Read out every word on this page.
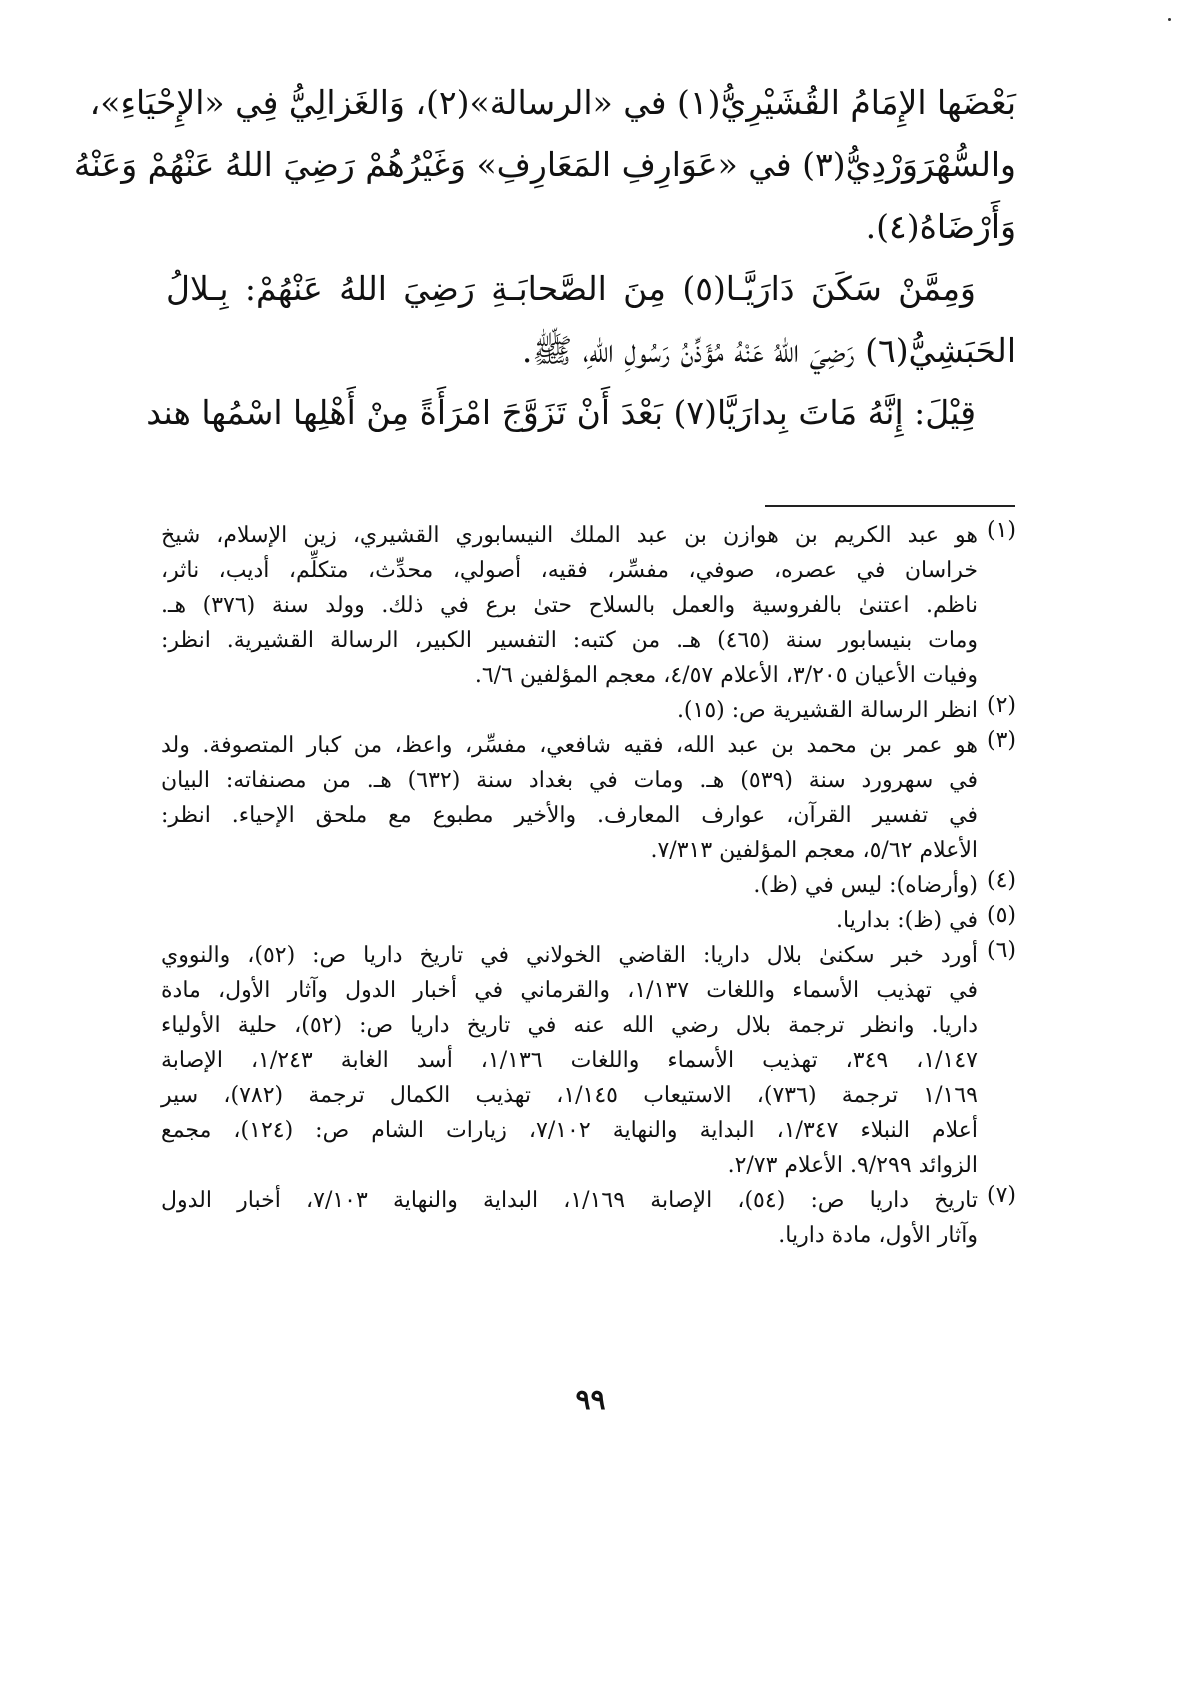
بَعْضَها الإِمَامُ القُشَيْرِيُّ(١) في «الرسالة»(٢)، وَالغَزالِيُّ فِي «الإِحْيَاءِ»،
والسُّهْرَوَرْدِيُّ(٣) في «عَوَارِفِ المَعَارِفِ» وَغَيْرُهُمْ رَضِيَ اللهُ عَنْهُمْ وَعَنْهُ
وَأَرْضَاهُ(٤).
وَمِمَّنْ سَكَنَ دَارَيَّـا(٥) مِنَ الصَّحابَـةِ رَضِيَ اللهُ عَنْهُمْ: بِـلالُ
الحَبَشِيُّ(٦) رَضِيَ اللهُ عَنْهُ مُؤَذِّنُ رَسُولِ اللهِ، ﷺ.
قِيْلَ: إِنَّهُ مَاتَ بِدارَيَّا(٧) بَعْدَ أَنْ تَزَوَّجَ امْرَأَةً مِنْ أَهْلِها اسْمُها هند
(١)
هو عبد الكريم بن هوازن بن عبد الملك النيسابوري القشيري، زين الإسلام، شيخ
خراسان في عصره، صوفي، مفسِّر، فقيه، أصولي، محدِّث، متكلِّم، أديب، ناثر،
ناظم. اعتنىٰ بالفروسية والعمل بالسلاح حتىٰ برع في ذلك. وولد سنة (٣٧٦) هـ.
ومات بنيسابور سنة (٤٦٥) هـ. من كتبه: التفسير الكبير، الرسالة القشيرية. انظر:
وفيات الأعيان ٣/٢٠٥، الأعلام ٤/٥٧، معجم المؤلفين ٦/٦.
(٢)
انظر الرسالة القشيرية ص: (١٥).
(٣)
هو عمر بن محمد بن عبد الله، فقيه شافعي، مفسِّر، واعظ، من كبار المتصوفة. ولد
في سهرورد سنة (٥٣٩) هـ. ومات في بغداد سنة (٦٣٢) هـ. من مصنفاته: البيان
في تفسير القرآن، عوارف المعارف. والأخير مطبوع مع ملحق الإحياء. انظر:
الأعلام ٥/٦٢، معجم المؤلفين ٧/٣١٣.
(٤)
(وأرضاه): ليس في (ظ).
(٥)
في (ظ): بداريا.
(٦)
أورد خبر سكنىٰ بلال داريا: القاضي الخولاني في تاريخ داريا ص: (٥٢)، والنووي
في تهذيب الأسماء واللغات ١/١٣٧، والقرماني في أخبار الدول وآثار الأول، مادة
داريا. وانظر ترجمة بلال رضي الله عنه في تاريخ داريا ص: (٥٢)، حلية الأولياء
١/١٤٧، ٣٤٩، تهذيب الأسماء واللغات ١/١٣٦، أسد الغابة ١/٢٤٣، الإصابة
١/١٦٩ ترجمة (٧٣٦)، الاستيعاب ١/١٤٥، تهذيب الكمال ترجمة (٧٨٢)، سير
أعلام النبلاء ١/٣٤٧، البداية والنهاية ٧/١٠٢، زيارات الشام ص: (١٢٤)، مجمع
الزوائد ٩/٢٩٩. الأعلام ٢/٧٣.
(٧)
تاريخ داريا ص: (٥٤)، الإصابة ١/١٦٩، البداية والنهاية ٧/١٠٣، أخبار الدول
وآثار الأول، مادة داريا.
٩٩
